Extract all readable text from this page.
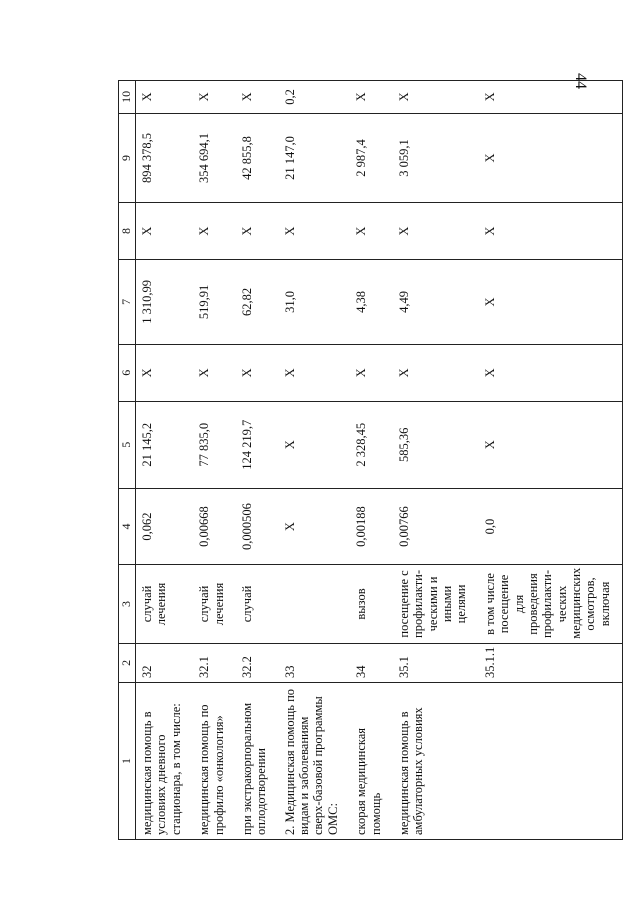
44
1	2	3	4	5	6	7	8	9	10
медицинская помощь в условиях дневного стационара, в том числе:	32	случай лечения	0,062	21 145,2	Х	1 310,99	Х	894 378,5	Х
медицинская помощь по профилю «онкология»	32.1	случай лечения	0,00668	77 835,0	Х	519,91	Х	354 694,1	Х
при экстракорпоральном оплодотворении	32.2	случай	0,000506	124 219,7	Х	62,82	Х	42 855,8	Х
2. Медицинская помощь по видам и заболеваниям сверх-базовой программы ОМС:	33		Х	Х	Х	31,0	Х	21 147,0	0,2
скорая медицинская помощь	34	вызов	0,00188	2 328,45	Х	4,38	Х	2 987,4	Х
медицинская помощь в амбулаторных условиях	35.1	посещение с профилакти-ческими и иными целями	0,00766	585,36	Х	4,49	Х	3 059,1	Х
	35.1.1	в том числе посещение для проведения профилакти-ческих медицинских осмотров, включая	0,0	Х	Х	Х	Х	Х	Х
